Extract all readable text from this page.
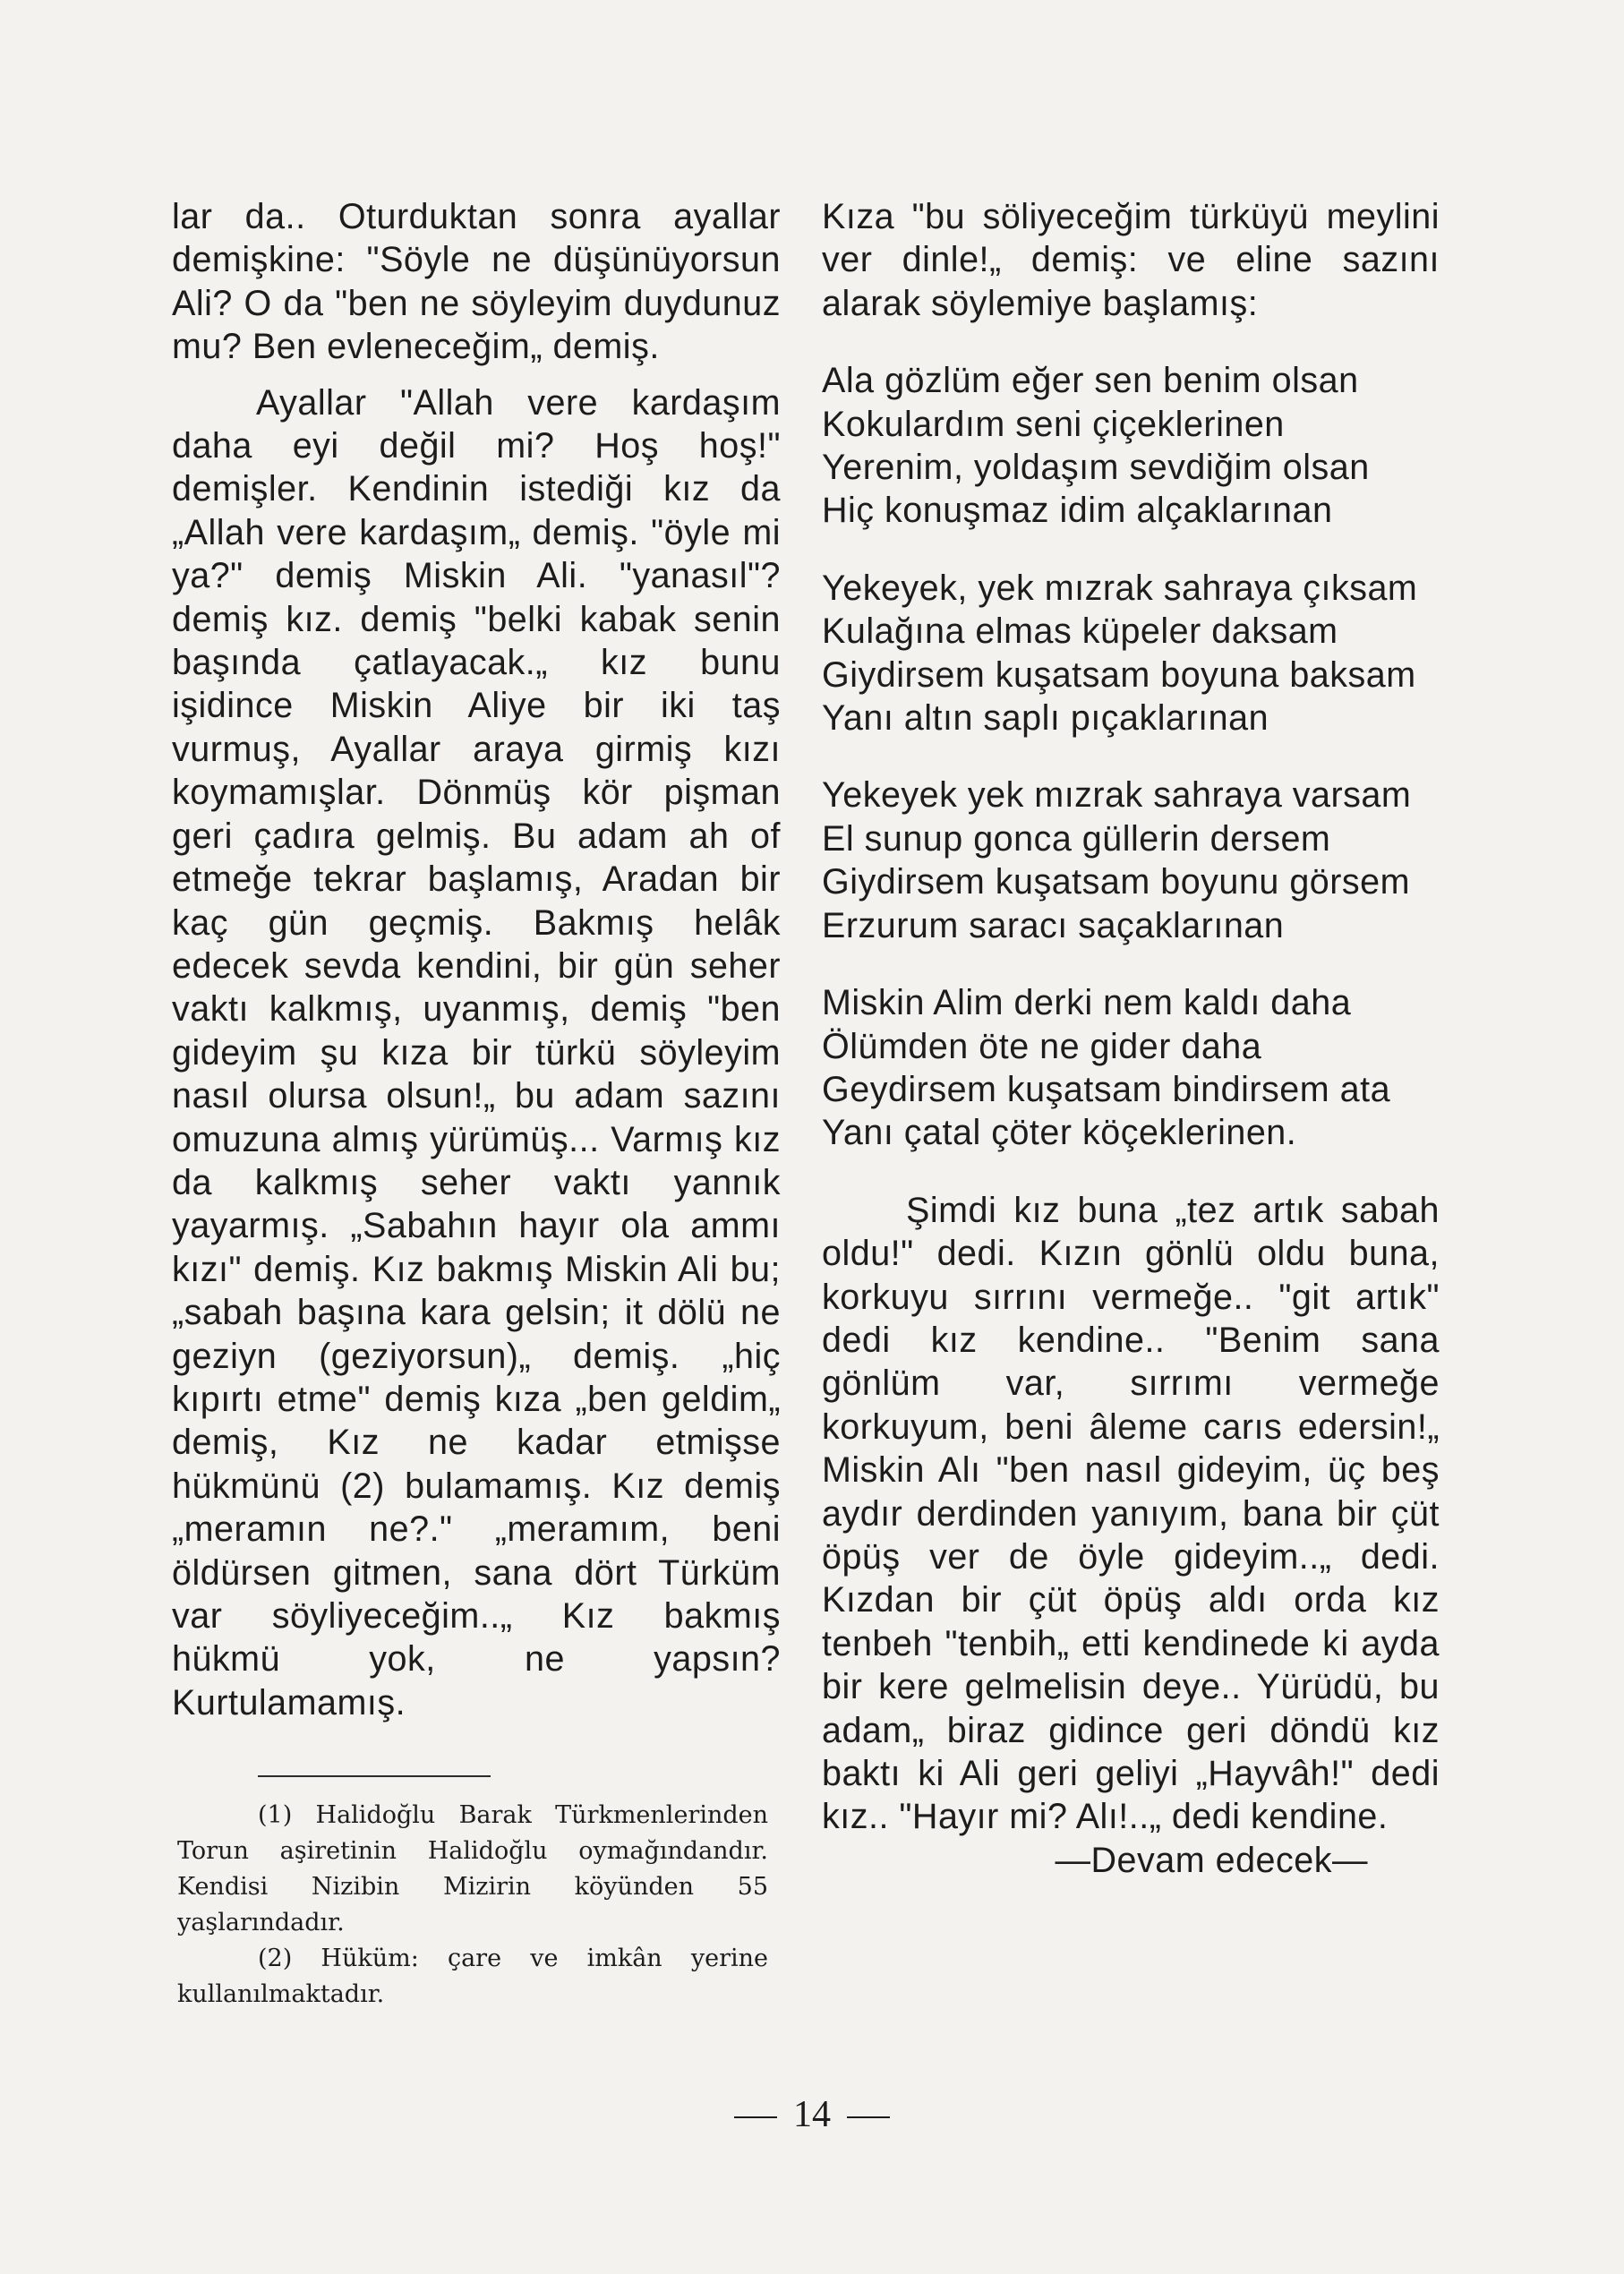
lar da.. Oturduktan sonra ayallar demişkine: "Söyle ne düşünüyorsun Ali? O da "ben ne söyleyim duydunuz mu? Ben evleneceğim„ demiş.

Ayallar "Allah vere kardaşım daha eyi değil mi? Hoş hoş!" demişler. Kendinin istediği kız da „Allah vere kardaşım„ demiş. "öyle mi ya?" demiş Miskin Ali. "yanasıl"? demiş kız. demiş "belki kabak senin başında çatlayacak.„ kız bunu işidince Miskin Aliye bir iki taş vurmuş, Ayallar araya girmiş kızı koymamışlar. Dönmüş kör pişman geri çadıra gelmiş. Bu adam ah of etmeğe tekrar başlamış, Aradan bir kaç gün geçmiş. Bakmış helâk edecek sevda kendini, bir gün seher vaktı kalkmış, uyanmış, demiş "ben gideyim şu kıza bir türkü söyleyim nasıl olursa olsun!„ bu adam sazını omuzuna almış yürümüş... Varmış kız da kalkmış seher vaktı yannık yayarmış. „Sabahın hayır ola ammı kızı" demiş. Kız bakmış Miskin Ali bu; „sabah başına kara gelsin; it dölü ne geziyn (geziyorsun)„ demiş. „hiç kıpırtı etme" demiş kıza „ben geldim„ demiş, Kız ne kadar etmişse hükmünü (2) bulamamış. Kız demiş „meramın ne?." „meramım, beni öldürsen gitmen, sana dört Türküm var söyliyeceğim..„ Kız bakmış hükmü yok, ne yapsın? Kurtulamamış.

(1) Halidoğlu Barak Türkmenlerinden Torun aşiretinin Halidoğlu oymağındandır. Kendisi Nizibin Mizirin köyünden 55 yaşlarındadır.

(2) Hüküm: çare ve imkân yerine kullanılmaktadır.

Kıza "bu söliyeceğim türküyü meylini ver dinle!„ demiş: ve eline sazını alarak söylemiye başlamış:

Ala gözlüm eğer sen benim olsan
Kokulardım seni çiçeklerinen
Yerenim, yoldaşım sevdiğim olsan
Hiç konuşmaz idim alçaklarınan
Yekeyek, yek mızrak sahraya çıksam
Kulağına elmas küpeler daksam
Giydirsem kuşatsam boyuna baksam
Yanı altın saplı pıçaklarınan
Yekeyek yek mızrak sahraya varsam
El sunup gonca güllerin dersem
Giydirsem kuşatsam boyunu görsem
Erzurum saracı saçaklarınan
Miskin Alim derki nem kaldı daha
Ölümden öte ne gider daha
Geydirsem kuşatsam bindirsem ata
Yanı çatal çöter köçeklerinen.

Şimdi kız buna „tez artık sabah oldu!" dedi. Kızın gönlü oldu buna, korkuyu sırrını vermeğe.. "git artık" dedi kız kendine.. "Benim sana gönlüm var, sırrımı vermeğe korkuyum, beni âleme carıs edersin!„ Miskin Alı "ben nasıl gideyim, üç beş aydır derdinden yanıyım, bana bir çüt öpüş ver de öyle gideyim..„ dedi. Kızdan bir çüt öpüş aldı orda kız tenbeh "tenbih„ etti kendinede ki ayda bir kere gelmelisin deye.. Yürüdü, bu adam„ biraz gidince geri döndü kız baktı ki Ali geri geliyi „Hayvâh!" dedi kız.. "Hayır mi? Alı!..„ dedi kendine.

—Devam edecek—

14
